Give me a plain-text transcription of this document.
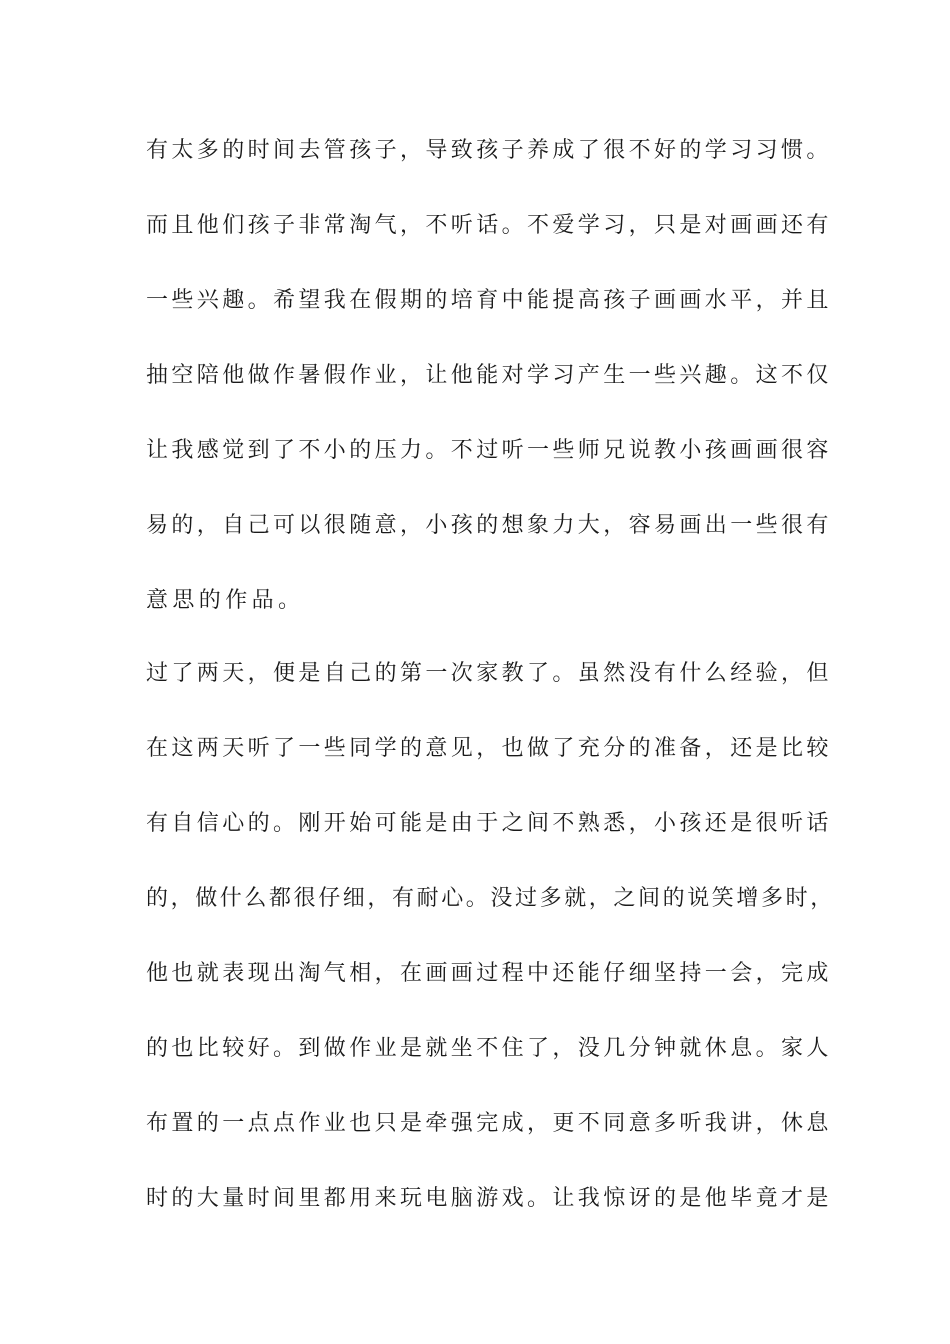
有太多的时间去管孩子，导致孩子养成了很不好的学习习惯。
而且他们孩子非常淘气，不听话。不爱学习，只是对画画还有
一些兴趣。希望我在假期的培育中能提高孩子画画水平，并且
抽空陪他做作暑假作业，让他能对学习产生一些兴趣。这不仅
让我感觉到了不小的压力。不过听一些师兄说教小孩画画很容
易的，自己可以很随意，小孩的想象力大，容易画出一些很有
意思的作品。
过了两天，便是自己的第一次家教了。虽然没有什么经验，但
在这两天听了一些同学的意见，也做了充分的准备，还是比较
有自信心的。刚开始可能是由于之间不熟悉，小孩还是很听话
的，做什么都很仔细，有耐心。没过多就，之间的说笑增多时，
他也就表现出淘气相，在画画过程中还能仔细坚持一会，完成
的也比较好。到做作业是就坐不住了，没几分钟就休息。家人
布置的一点点作业也只是牵强完成，更不同意多听我讲，休息
时的大量时间里都用来玩电脑游戏。让我惊讶的是他毕竟才是
